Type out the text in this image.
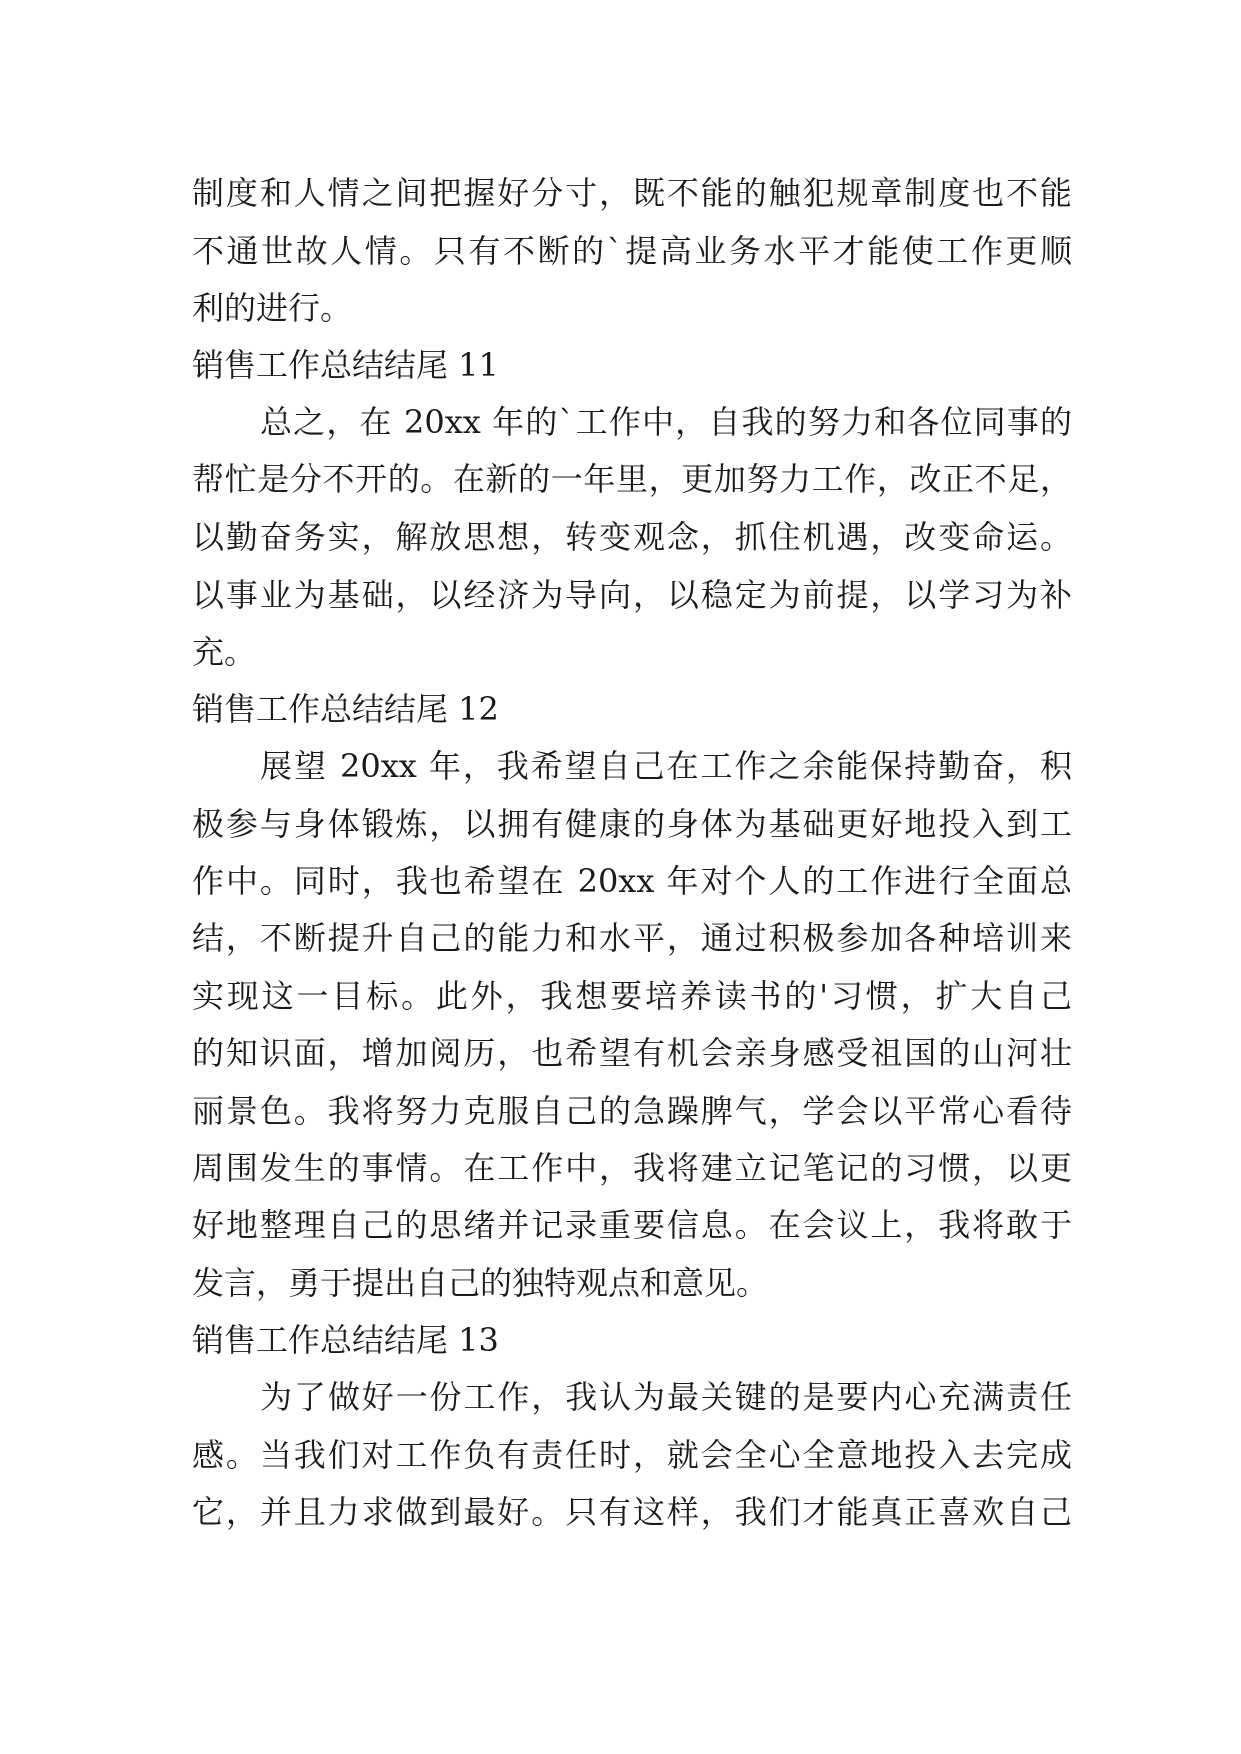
制度和人情之间把握好分寸，既不能的触犯规章制度也不能
不通世故人情。只有不断的`提高业务水平才能使工作更顺
利的进行。
销售工作总结结尾 11
总之，在 20xx 年的`工作中，自我的努力和各位同事的
帮忙是分不开的。在新的一年里，更加努力工作，改正不足，
以勤奋务实，解放思想，转变观念，抓住机遇，改变命运。
以事业为基础，以经济为导向，以稳定为前提，以学习为补
充。
销售工作总结结尾 12
展望 20xx 年，我希望自己在工作之余能保持勤奋，积
极参与身体锻炼，以拥有健康的身体为基础更好地投入到工
作中。同时，我也希望在 20xx 年对个人的工作进行全面总
结，不断提升自己的能力和水平，通过积极参加各种培训来
实现这一目标。此外，我想要培养读书的'习惯，扩大自己
的知识面，增加阅历，也希望有机会亲身感受祖国的山河壮
丽景色。我将努力克服自己的急躁脾气，学会以平常心看待
周围发生的事情。在工作中，我将建立记笔记的习惯，以更
好地整理自己的思绪并记录重要信息。在会议上，我将敢于
发言，勇于提出自己的独特观点和意见。
销售工作总结结尾 13
为了做好一份工作，我认为最关键的是要内心充满责任
感。当我们对工作负有责任时，就会全心全意地投入去完成
它，并且力求做到最好。只有这样，我们才能真正喜欢自己
